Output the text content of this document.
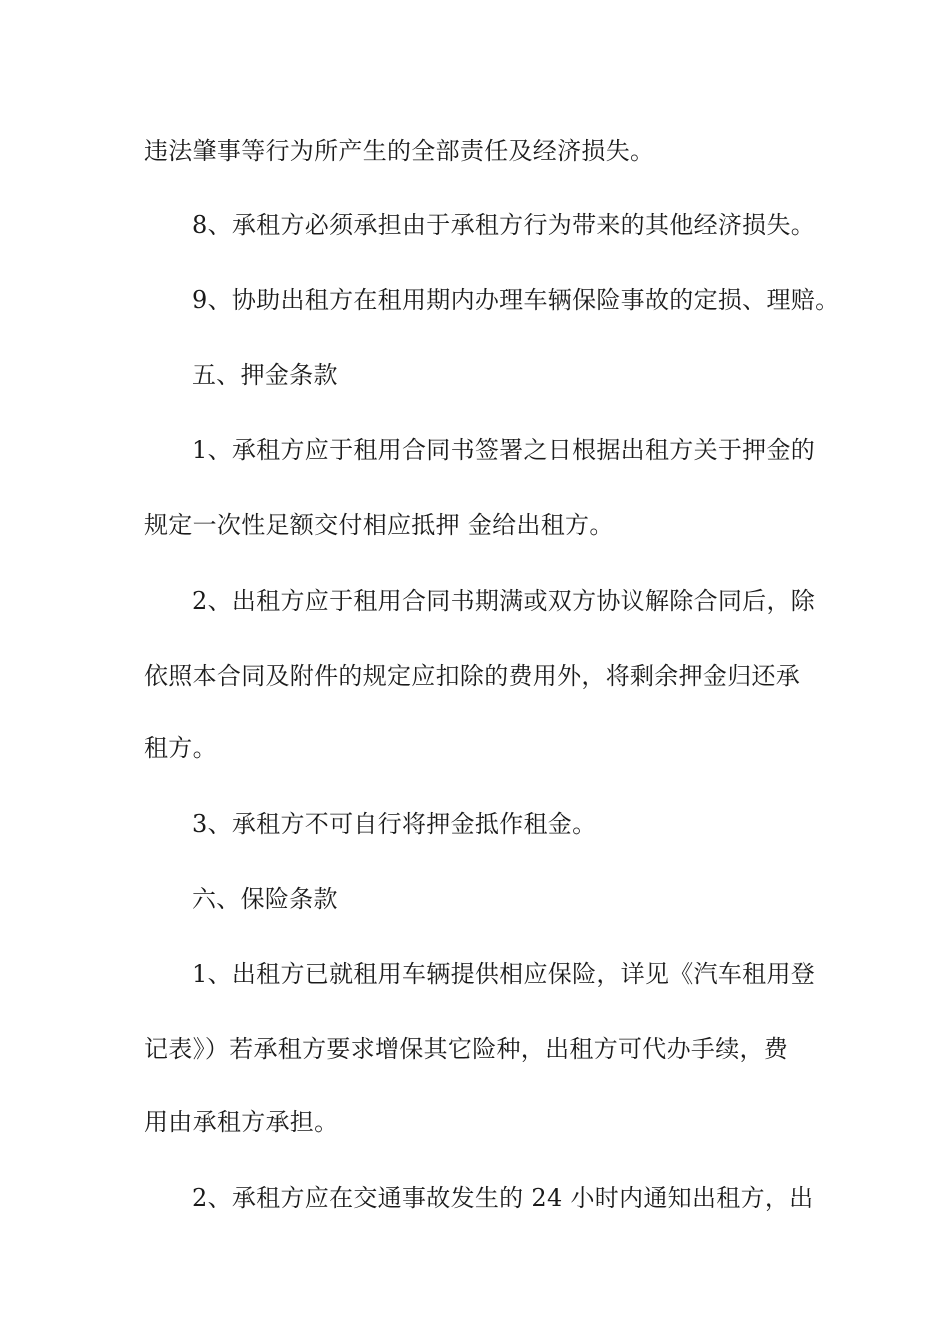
违法肇事等行为所产生的全部责任及经济损失。
8、承租方必须承担由于承租方行为带来的其他经济损失。
9、协助出租方在租用期内办理车辆保险事故的定损、理赔。
五、押金条款
1、承租方应于租用合同书签署之日根据出租方关于押金的
规定一次性足额交付相应抵押 金给出租方。
2、出租方应于租用合同书期满或双方协议解除合同后，除
依照本合同及附件的规定应扣除的费用外，将剩余押金归还承
租方。
3、承租方不可自行将押金抵作租金。
六、保险条款
1、出租方已就租用车辆提供相应保险，详见《汽车租用登
记表》）若承租方要求增保其它险种，出租方可代办手续，费
用由承租方承担。
2、承租方应在交通事故发生的 24 小时内通知出租方，出
